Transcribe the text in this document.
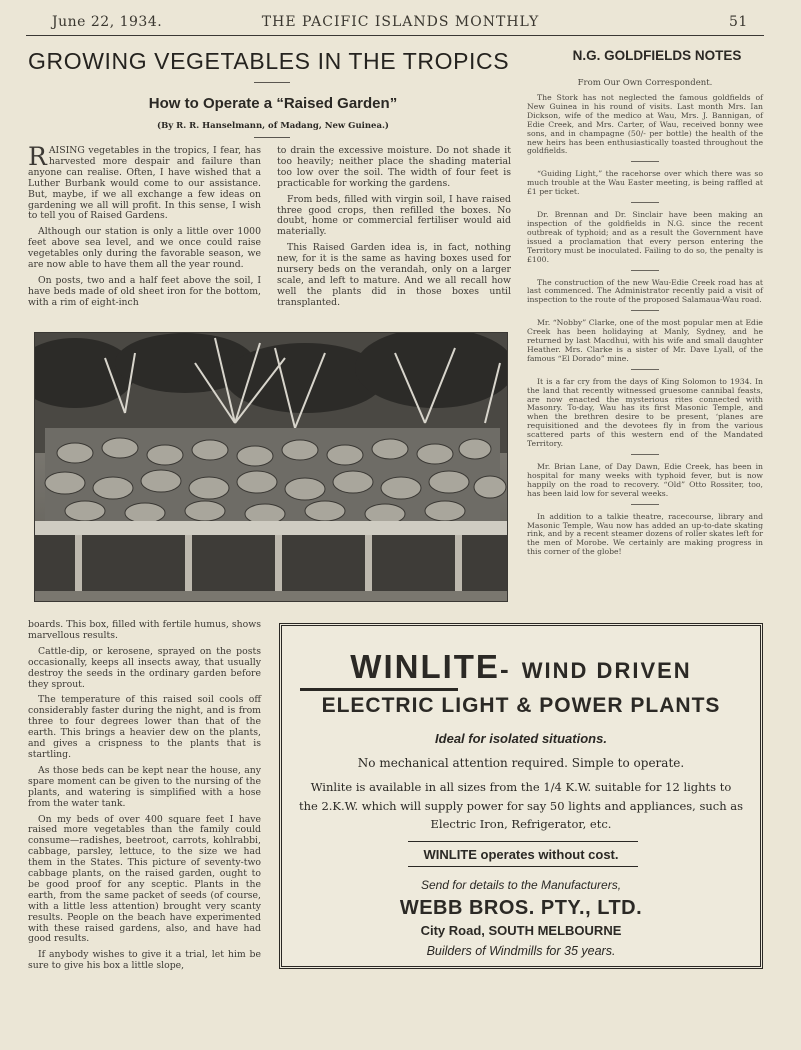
June 22, 1934.	THE PACIFIC ISLANDS MONTHLY	51
GROWING VEGETABLES IN THE TROPICS	N.G. GOLDFIELDS NOTES
How to Operate a “Raised Garden”
(By R. R. Hanselmann, of Madang, New Guinea.)

RAISING vegetables in the tropics, I fear, has harvested more despair and failure than anyone can realise. Often, I have wished that a Luther Burbank would come to our assistance. But, maybe, if we all exchange a few ideas on gardening we all will profit. In this sense, I wish to tell you of Raised Gardens.

Although our station is only a little over 1000 feet above sea level, and we once could raise vegetables only during the favorable season, we are now able to have them all the year round.

On posts, two and a half feet above the soil, I have beds made of old sheet iron for the bottom, with a rim of eight-inch

to drain the excessive moisture. Do not shade it too heavily; neither place the shading material too low over the soil. The width of four feet is practicable for working the gardens.

From beds, filled with virgin soil, I have raised three good crops, then refilled the boxes. No doubt, home or commercial fertiliser would aid materially.

This Raised Garden idea is, in fact, nothing new, for it is the same as having boxes used for nursery beds on the verandah, only on a larger scale, and left to mature. And we all recall how well the plants did in those boxes until transplanted.

boards. This box, filled with fertile humus, shows marvellous results.

Cattle-dip, or kerosene, sprayed on the posts occasionally, keeps all insects away, that usually destroy the seeds in the ordinary garden before they sprout.

The temperature of this raised soil cools off considerably faster during the night, and is from three to four degrees lower than that of the earth. This brings a heavier dew on the plants, and gives a crispness to the plants that is startling.

As those beds can be kept near the house, any spare moment can be given to the nursing of the plants, and watering is simplified with a hose from the water tank.

On my beds of over 400 square feet I have raised more vegetables than the family could consume—radishes, beetroot, carrots, kohlrabbi, cabbage, parsley, lettuce, to the size we had them in the States. This picture of seventy-two cabbage plants, on the raised garden, ought to be good proof for any sceptic. Plants in the earth, from the same packet of seeds (of course, with a little less attention) brought very scanty results. People on the beach have experimented with these raised gardens, also, and have had good results.

If anybody wishes to give it a trial, let him be sure to give his box a little slope,

From Our Own Correspondent.

The Stork has not neglected the famous goldfields of New Guinea in his round of visits. Last month Mrs. Ian Dickson, wife of the medico at Wau, Mrs. J. Bannigan, of Edie Creek, and Mrs. Carter, of Wau, received bonny wee sons, and in champagne (50/- per bottle) the health of the new heirs has been enthusiastically toasted throughout the goldfields.

“Guiding Light,” the racehorse over which there was so much trouble at the Wau Easter meeting, is being raffled at £1 per ticket.

Dr. Brennan and Dr. Sinclair have been making an inspection of the goldfields in N.G. since the recent outbreak of typhoid; and as a result the Government have issued a proclamation that every person entering the Territory must be inoculated. Failing to do so, the penalty is £100.

The construction of the new Wau-Edie Creek road has at last commenced. The Administrator recently paid a visit of inspection to the route of the proposed Salamaua-Wau road.

Mr. “Nobby” Clarke, one of the most popular men at Edie Creek has been holidaying at Manly, Sydney, and he returned by last Macdhui, with his wife and small daughter Heather. Mrs. Clarke is a sister of Mr. Dave Lyall, of the famous “El Dorado” mine.

It is a far cry from the days of King Solomon to 1934. In the land that recently witnessed gruesome cannibal feasts, are now enacted the mysterious rites connected with Masonry. To-day, Wau has its first Masonic Temple, and when the brethren desire to be present, ‘planes are requisitioned and the devotees fly in from the various scattered parts of this western end of the Mandated Territory.

Mr. Brian Lane, of Day Dawn, Edie Creek, has been in hospital for many weeks with typhoid fever, but is now happily on the road to recovery. “Old” Otto Rossiter, too, has been laid low for several weeks.

In addition to a talkie theatre, racecourse, library and Masonic Temple, Wau now has added an up-to-date skating rink, and by a recent steamer dozens of roller skates left for the men of Morobe. We certainly are making progress in this corner of the globe!

WINLITE- WIND DRIVEN
ELECTRIC LIGHT & POWER PLANTS
Ideal for isolated situations.
No mechanical attention required. Simple to operate.
Winlite is available in all sizes from the 1/4 K.W. suitable for 12 lights to
the 2.K.W. which will supply power for say 50 lights and appliances, such as
Electric Iron, Refrigerator, etc.
WINLITE operates without cost.
Send for details to the Manufacturers,
WEBB BROS. PTY., LTD.
City Road, SOUTH MELBOURNE
Builders of Windmills for 35 years.
